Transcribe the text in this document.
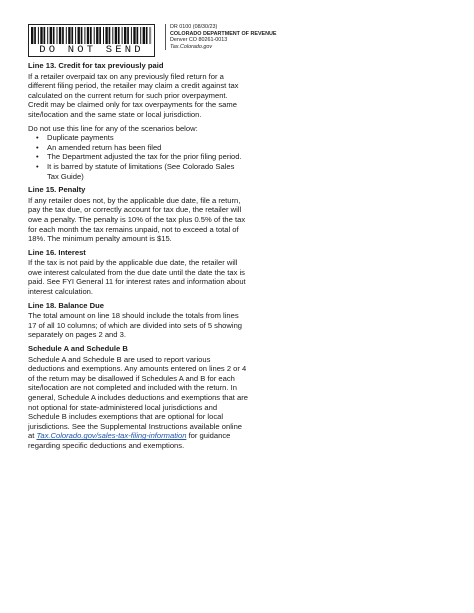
DO NOT SEND
DR 0100 (08/30/23)
COLORADO DEPARTMENT OF REVENUE
Denver CO 80261-0013
Tax.Colorado.gov
Line 13. Credit for tax previously paid

If a retailer overpaid tax on any previously filed return for a different filing period, the retailer may claim a credit against tax calculated on the current return for such prior overpayment. Credit may be claimed only for tax overpayments for the same site/location and the same state or local jurisdiction.

Do not use this line for any of the scenarios below:

• Duplicate payments
• An amended return has been filed
• The Department adjusted the tax for the prior filing period.
• It is barred by statute of limitations (See Colorado Sales Tax Guide)
Line 15. Penalty

If any retailer does not, by the applicable due date, file a return, pay the tax due, or correctly account for tax due, the retailer will owe a penalty. The penalty is 10% of the tax plus 0.5% of the tax for each month the tax remains unpaid, not to exceed a total of 18%. The minimum penalty amount is $15.

Line 16. Interest

If the tax is not paid by the applicable due date, the retailer will owe interest calculated from the due date until the date the tax is paid. See FYI General 11 for interest rates and information about interest calculation.

Line 18. Balance Due

The total amount on line 18 should include the totals from lines 17 of all 10 columns; of which are divided into sets of 5 showing separately on pages 2 and 3.

Schedule A and Schedule B

Schedule A and Schedule B are used to report various deductions and exemptions. Any amounts entered on lines 2 or 4 of the return may be disallowed if Schedules A and B for each site/location are not completed and included with the return. In general, Schedule A includes deductions and exemptions that are not optional for state-administered local jurisdictions and Schedule B includes exemptions that are optional for local jurisdictions. See the Supplemental Instructions available online at Tax.Colorado.gov/sales-tax-filing-information for guidance regarding specific deductions and exemptions.
